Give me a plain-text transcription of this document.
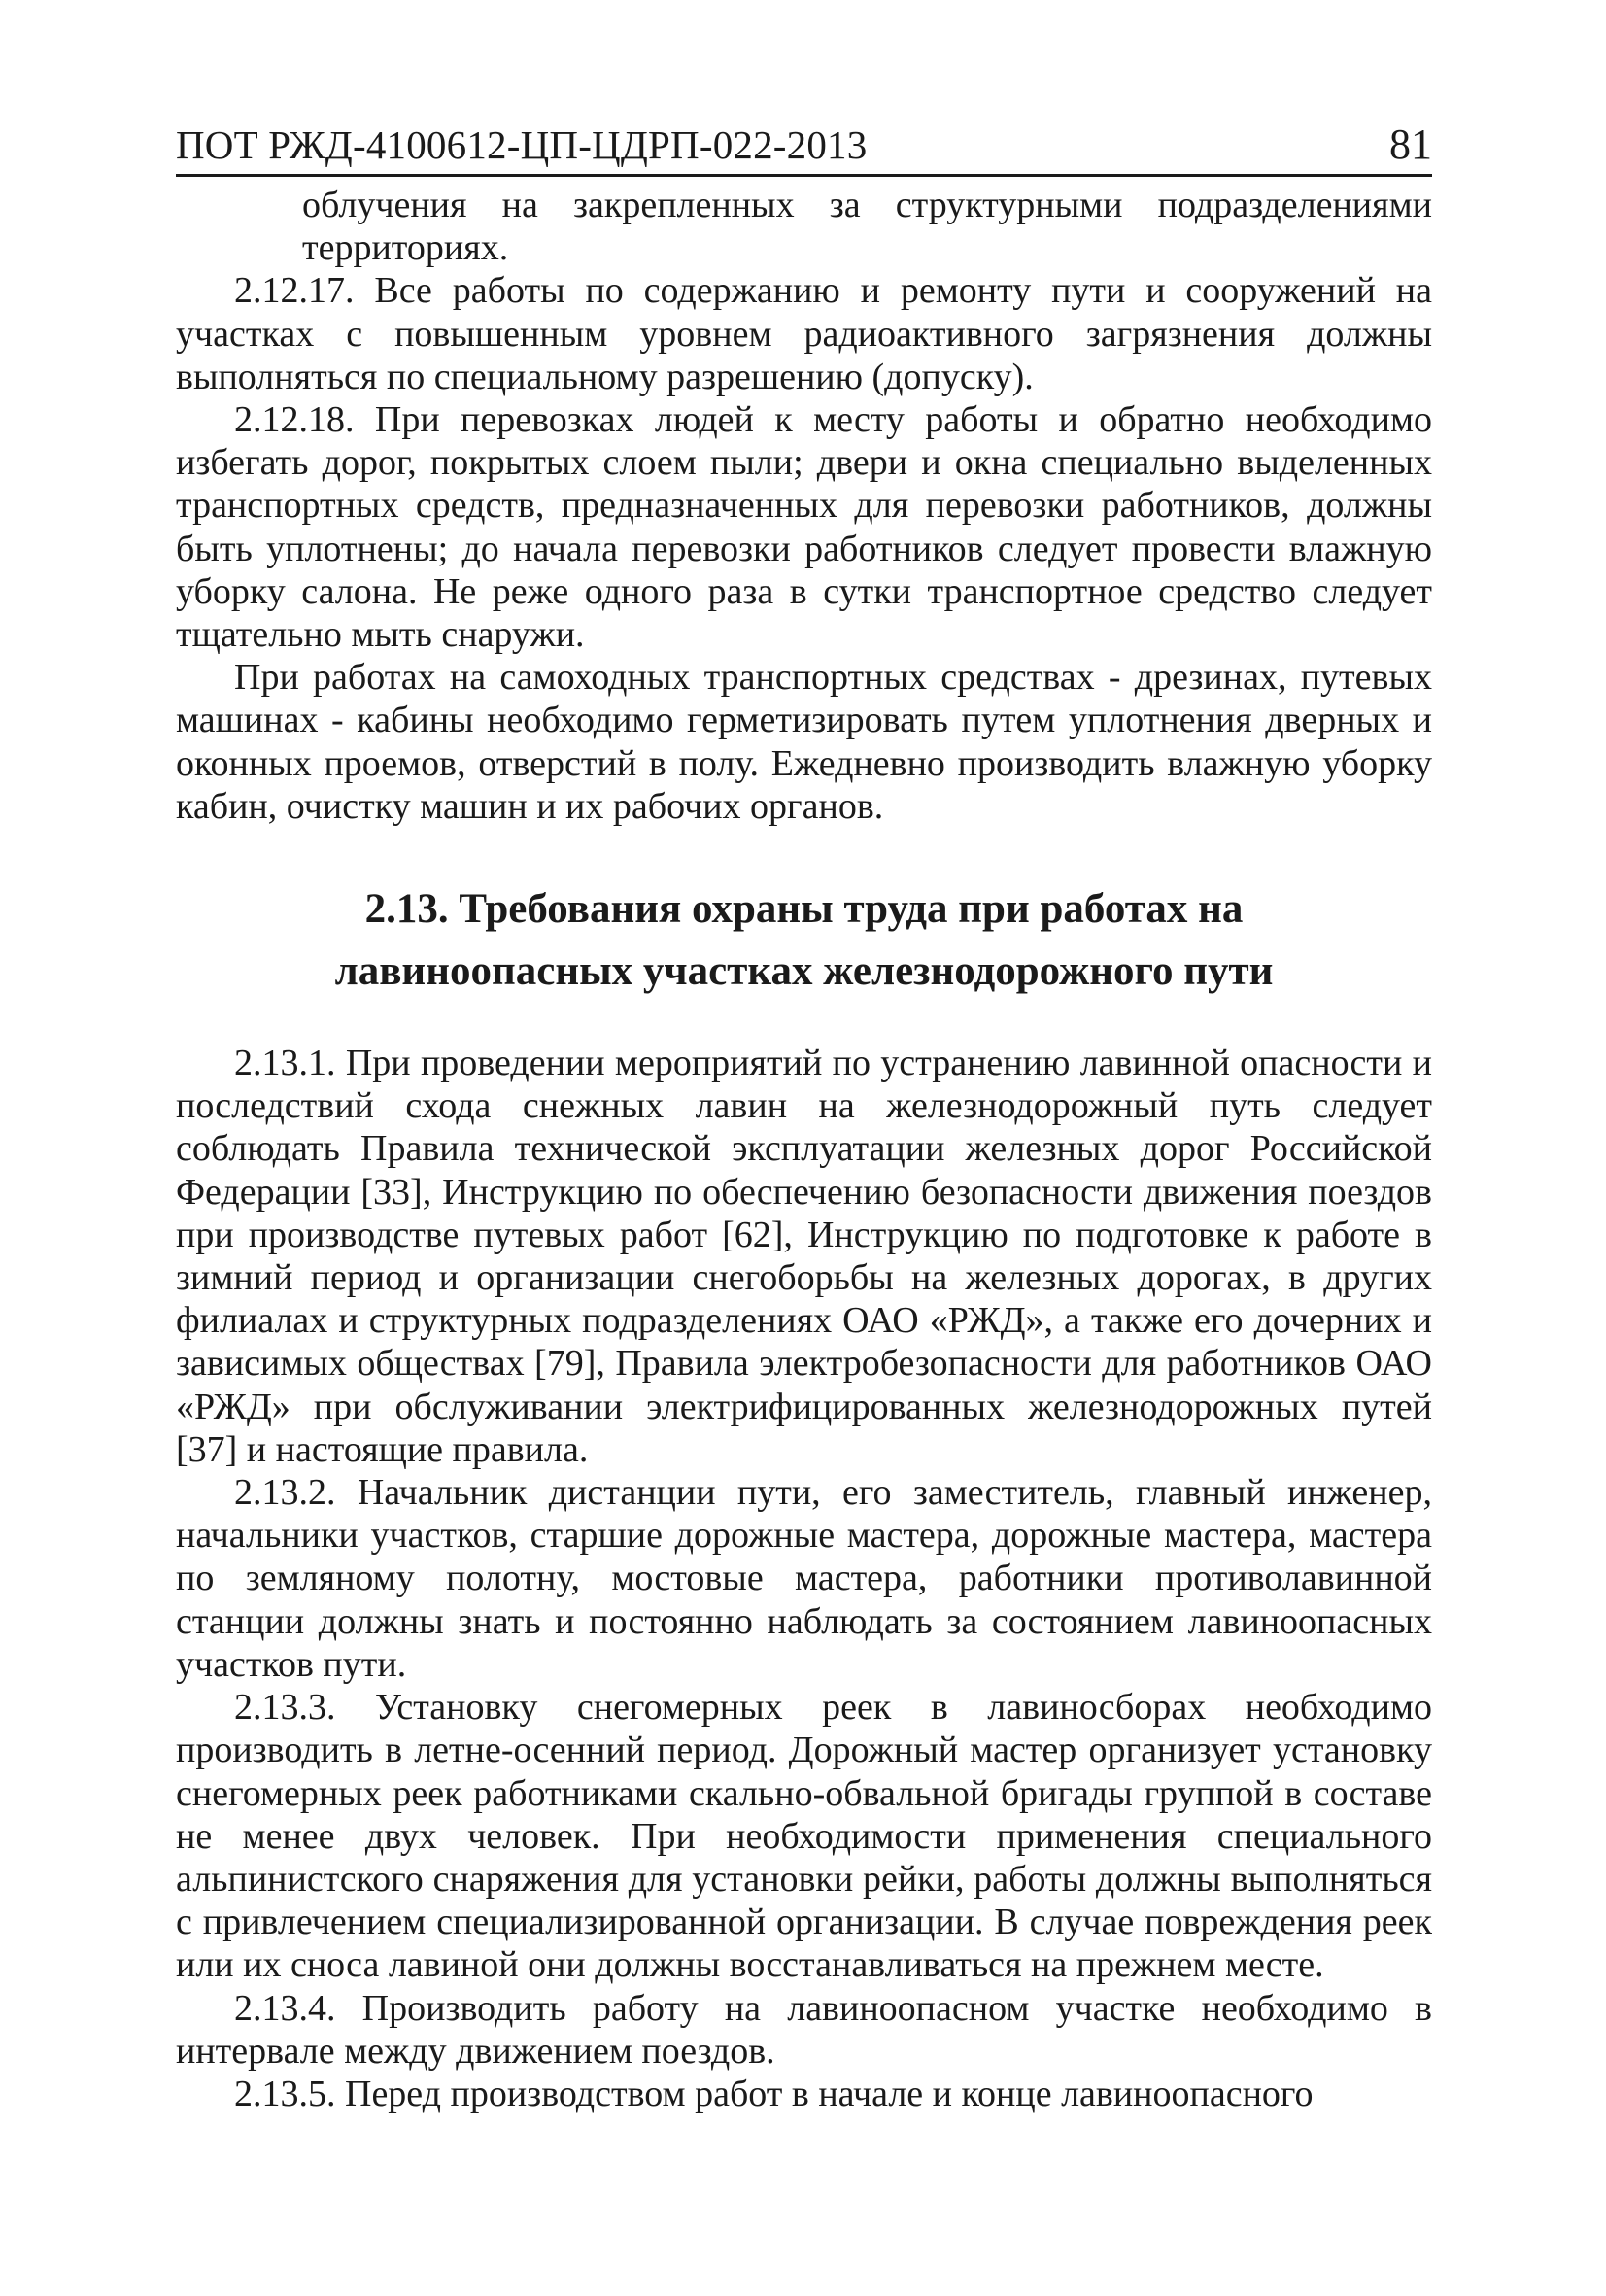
ПОТ РЖД-4100612-ЦП-ЦДРП-022-2013	81

облучения на закрепленных за структурными подразделениями территориях.

2.12.17. Все работы по содержанию и ремонту пути и сооружений на участках с повышенным уровнем радиоактивного загрязнения должны выполняться по специальному разрешению (допуску).

2.12.18. При перевозках людей к месту работы и обратно необходимо избегать дорог, покрытых слоем пыли; двери и окна специально выделенных транспортных средств, предназначенных для перевозки работников, должны быть уплотнены; до начала перевозки работников следует провести влажную уборку салона. Не реже одного раза в сутки транспортное средство следует тщательно мыть снаружи.

При работах на самоходных транспортных средствах - дрезинах, путевых машинах - кабины необходимо герметизировать путем уплотнения дверных и оконных проемов, отверстий в полу. Ежедневно производить влажную уборку кабин, очистку машин и их рабочих органов.

2.13. Требования охраны труда при работах на
лавиноопасных участках железнодорожного пути

2.13.1. При проведении мероприятий по устранению лавинной опасности и последствий схода снежных лавин на железнодорожный путь следует соблюдать Правила технической эксплуатации железных дорог Российской Федерации [33], Инструкцию по обеспечению безопасности движения поездов при производстве путевых работ [62], Инструкцию по подготовке к работе в зимний период и организации снегоборьбы на железных дорогах, в других филиалах и структурных подразделениях ОАО «РЖД», а также его дочерних и зависимых обществах [79], Правила электробезопасности для работников ОАО «РЖД» при обслуживании электрифицированных железнодорожных путей [37] и настоящие правила.

2.13.2. Начальник дистанции пути, его заместитель, главный инженер, начальники участков, старшие дорожные мастера, дорожные мастера, мастера по земляному полотну, мостовые мастера, работники противолавинной станции должны знать и постоянно наблюдать за состоянием лавиноопасных участков пути.

2.13.3. Установку снегомерных реек в лавиносборах необходимо производить в летне-осенний период. Дорожный мастер организует установку снегомерных реек работниками скально-обвальной бригады группой в составе не менее двух человек. При необходимости применения специального альпинистского снаряжения для установки рейки, работы должны выполняться с привлечением специализированной организации. В случае повреждения реек или их сноса лавиной они должны восстанавливаться на прежнем месте.

2.13.4. Производить работу на лавиноопасном участке необходимо в интервале между движением поездов.

2.13.5. Перед производством работ в начале и конце лавиноопасного
